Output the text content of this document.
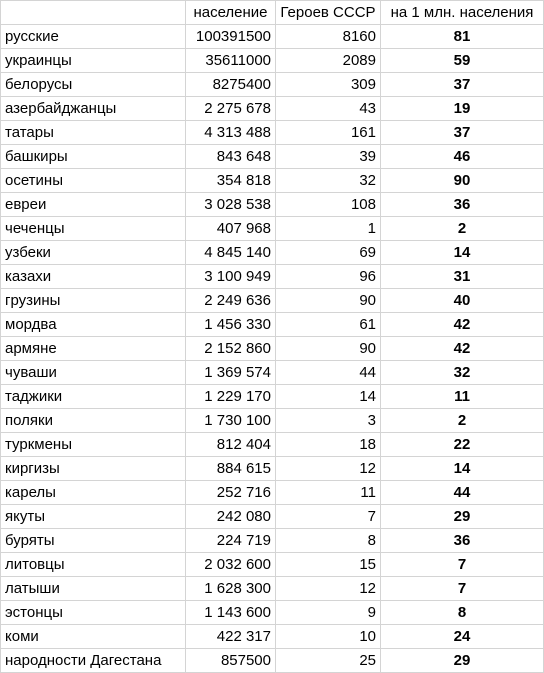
	население	Героев СССР	на 1 млн. населения
русские	100391500	8160	81
украинцы	35611000	2089	59
белорусы	8275400	309	37
азербайджанцы	2 275 678	43	19
татары	4 313 488	161	37
башкиры	843 648	39	46
осетины	354 818	32	90
евреи	3 028 538	108	36
чеченцы	407 968	1	2
узбеки	4 845 140	69	14
казахи	3 100 949	96	31
грузины	2 249 636	90	40
мордва	1 456 330	61	42
армяне	2 152 860	90	42
чуваши	1 369 574	44	32
таджики	1 229 170	14	11
поляки	1 730 100	3	2
туркмены	812 404	18	22
киргизы	884 615	12	14
карелы	252 716	11	44
якуты	242 080	7	29
буряты	224 719	8	36
литовцы	2 032 600	15	7
латыши	1 628 300	12	7
эстонцы	1 143 600	9	8
коми	422 317	10	24
народности Дагестана	857500	25	29
